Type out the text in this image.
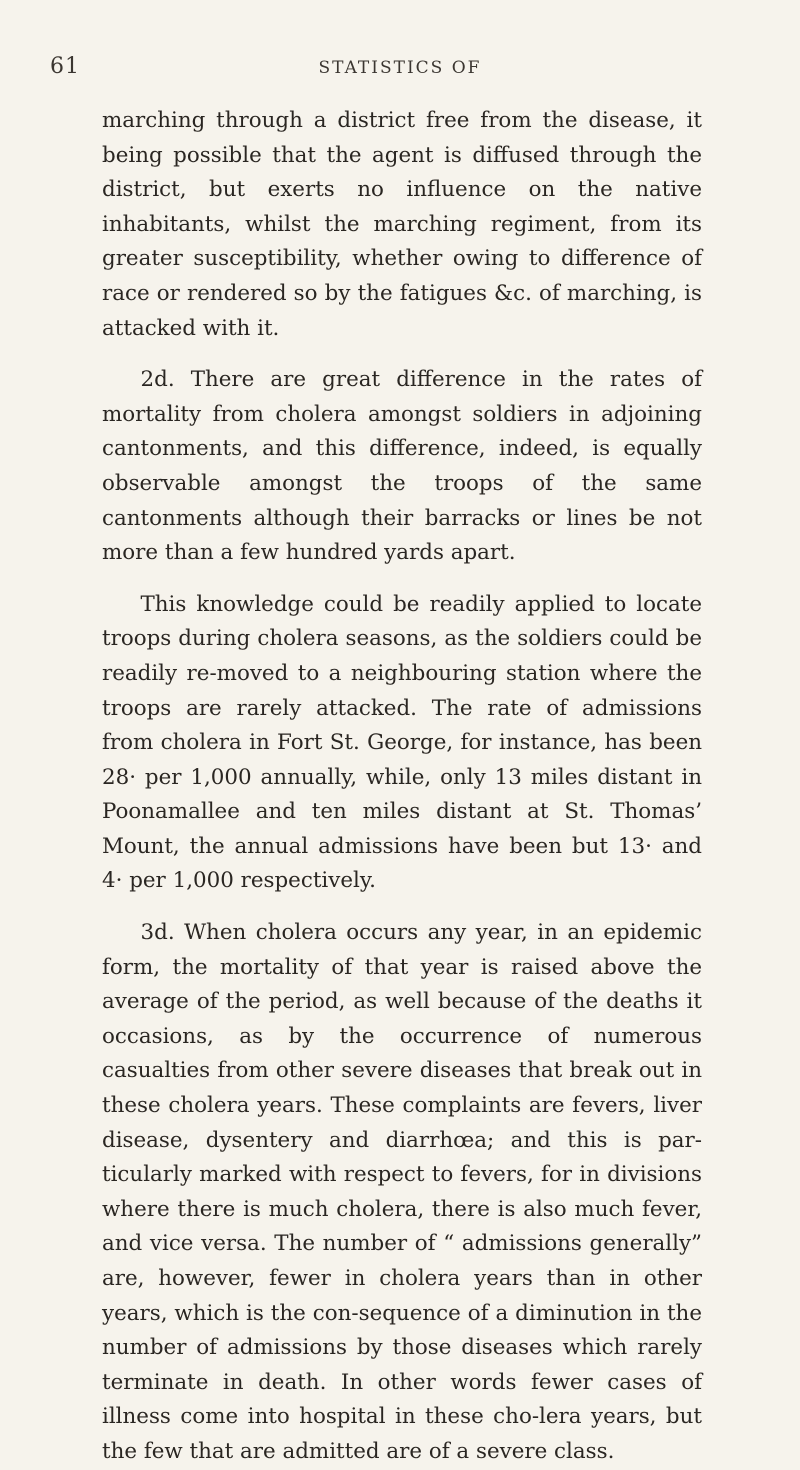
61	STATISTICS OF

marching through a district free from the disease, it being possible that the agent is diffused through the district, but exerts no influence on the native inhabitants, whilst the marching regiment, from its greater susceptibility, whether owing to difference of race or rendered so by the fatigues &c. of marching, is attacked with it.

2d. There are great difference in the rates of mortality from cholera amongst soldiers in adjoining cantonments, and this difference, indeed, is equally observable amongst the troops of the same cantonments although their barracks or lines be not more than a few hundred yards apart.

This knowledge could be readily applied to locate troops during cholera seasons, as the soldiers could be readily re-moved to a neighbouring station where the troops are rarely attacked. The rate of admissions from cholera in Fort St. George, for instance, has been 28· per 1,000 annually, while, only 13 miles distant in Poonamallee and ten miles distant at St. Thomas’ Mount, the annual admissions have been but 13· and 4· per 1,000 respectively.

3d. When cholera occurs any year, in an epidemic form, the mortality of that year is raised above the average of the period, as well because of the deaths it occasions, as by the occurrence of numerous casualties from other severe diseases that break out in these cholera years. These complaints are fevers, liver disease, dysentery and diarrhœa; and this is par-ticularly marked with respect to fevers, for in divisions where there is much cholera, there is also much fever, and vice versa. The number of “ admissions generally” are, however, fewer in cholera years than in other years, which is the con-sequence of a diminution in the number of admissions by those diseases which rarely terminate in death. In other words fewer cases of illness come into hospital in these cho-lera years, but the few that are admitted are of a severe class.
